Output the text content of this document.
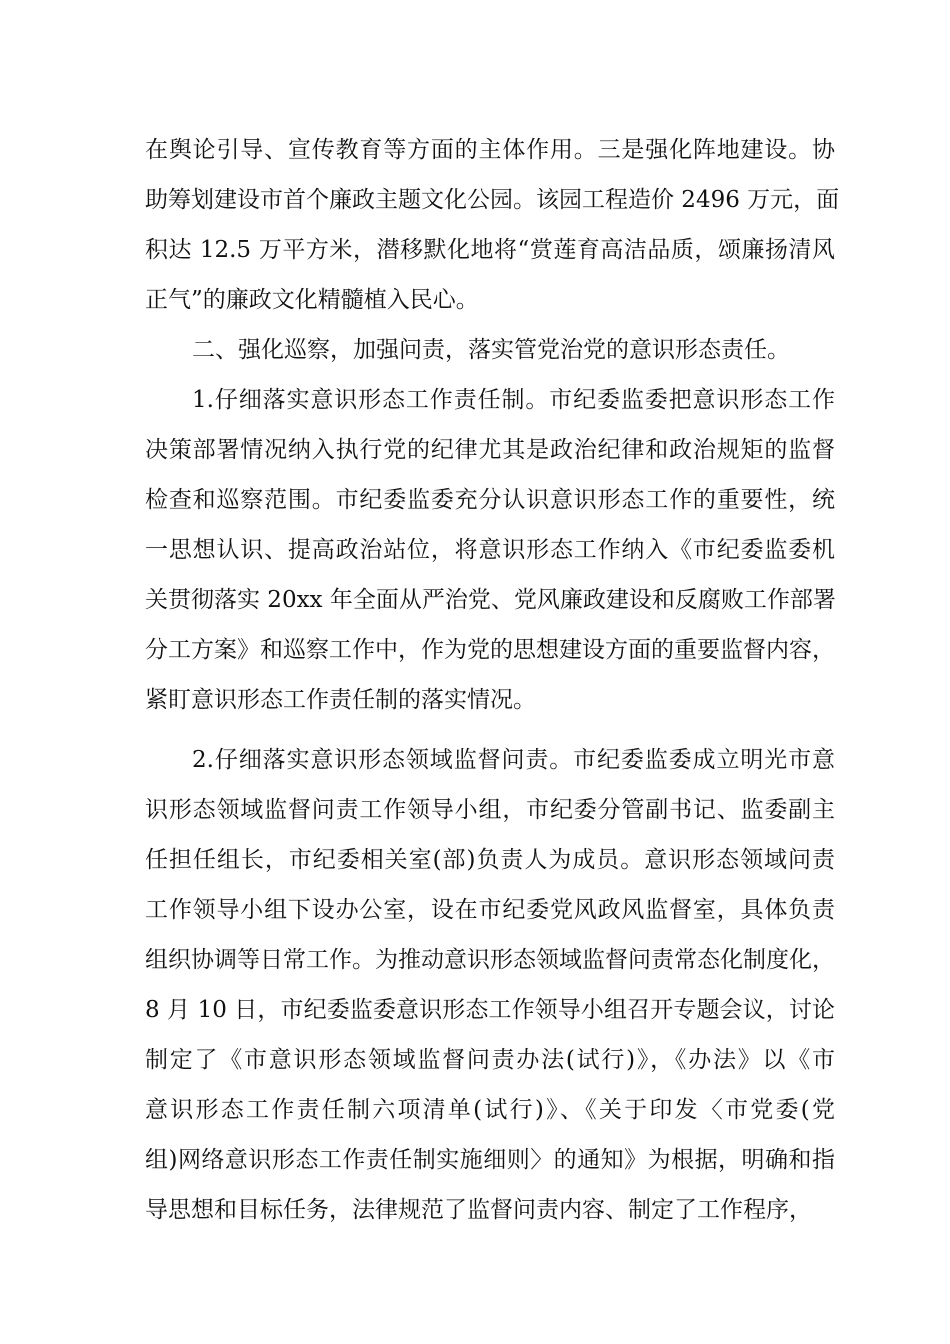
在舆论引导、宣传教育等方面的主体作用。三是强化阵地建设。协
助筹划建设市首个廉政主题文化公园。该园工程造价 2496 万元，面
积达 12.5 万平方米，潜移默化地将“赏莲育高洁品质，颂廉扬清风
正气”的廉政文化精髓植入民心。
二、强化巡察，加强问责，落实管党治党的意识形态责任。
1.仔细落实意识形态工作责任制。市纪委监委把意识形态工作
决策部署情况纳入执行党的纪律尤其是政治纪律和政治规矩的监督
检查和巡察范围。市纪委监委充分认识意识形态工作的重要性，统
一思想认识、提高政治站位，将意识形态工作纳入《市纪委监委机
关贯彻落实 20xx 年全面从严治党、党风廉政建设和反腐败工作部署
分工方案》和巡察工作中，作为党的思想建设方面的重要监督内容，
紧盯意识形态工作责任制的落实情况。
2.仔细落实意识形态领域监督问责。市纪委监委成立明光市意
识形态领域监督问责工作领导小组，市纪委分管副书记、监委副主
任担任组长，市纪委相关室(部)负责人为成员。意识形态领域问责
工作领导小组下设办公室，设在市纪委党风政风监督室，具体负责
组织协调等日常工作。为推动意识形态领域监督问责常态化制度化，
8 月 10 日，市纪委监委意识形态工作领导小组召开专题会议，讨论
制定了《市意识形态领域监督问责办法(试行)》，《办法》以《市
意识形态工作责任制六项清单(试行)》、《关于印发〈市党委(党
组)网络意识形态工作责任制实施细则〉的通知》为根据，明确和指
导思想和目标任务，法律规范了监督问责内容、制定了工作程序，
